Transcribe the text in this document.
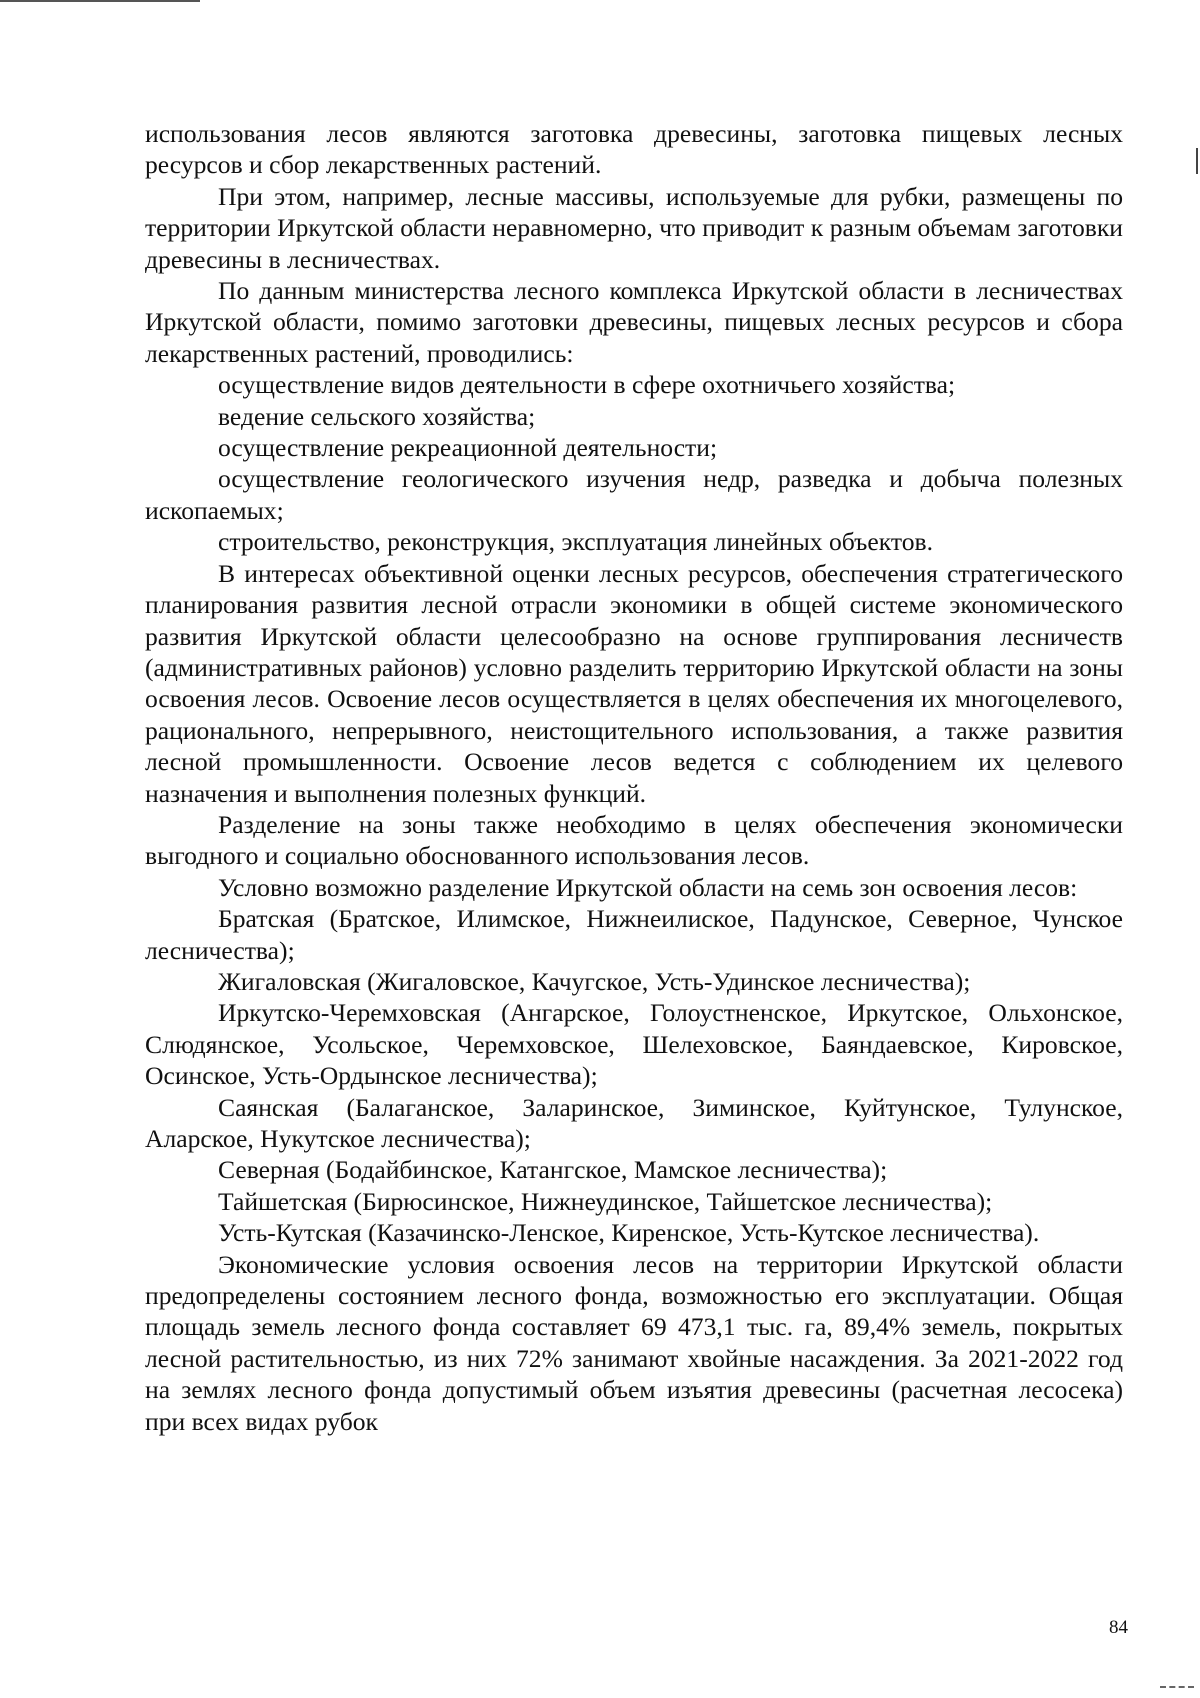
использования лесов являются заготовка древесины, заготовка пищевых лесных ресурсов и сбор лекарственных растений.

При этом, например, лесные массивы, используемые для рубки, размещены по территории Иркутской области неравномерно, что приводит к разным объемам заготовки древесины в лесничествах.

По данным министерства лесного комплекса Иркутской области в лесничествах Иркутской области, помимо заготовки древесины, пищевых лесных ресурсов и сбора лекарственных растений, проводились:

осуществление видов деятельности в сфере охотничьего хозяйства;

ведение сельского хозяйства;

осуществление рекреационной деятельности;

осуществление геологического изучения недр, разведка и добыча полезных ископаемых;

строительство, реконструкция, эксплуатация линейных объектов.

В интересах объективной оценки лесных ресурсов, обеспечения стратегического планирования развития лесной отрасли экономики в общей системе экономического развития Иркутской области целесообразно на основе группирования лесничеств (административных районов) условно разделить территорию Иркутской области на зоны освоения лесов. Освоение лесов осуществляется в целях обеспечения их многоцелевого, рационального, непрерывного, неистощительного использования, а также развития лесной промышленности. Освоение лесов ведется с соблюдением их целевого назначения и выполнения полезных функций.

Разделение на зоны также необходимо в целях обеспечения экономически выгодного и социально обоснованного использования лесов.

Условно возможно разделение Иркутской области на семь зон освоения лесов:

Братская (Братское, Илимское, Нижнеилиское, Падунское, Северное, Чунское лесничества);

Жигаловская (Жигаловское, Качугское, Усть-Удинское лесничества);

Иркутско-Черемховская (Ангарское, Голоустненское, Иркутское, Ольхонское, Слюдянское, Усольское, Черемховское, Шелеховское, Баяндаевское, Кировское, Осинское, Усть-Ордынское лесничества);

Саянская (Балаганское, Заларинское, Зиминское, Куйтунское, Тулунское, Аларское, Нукутское лесничества);

Северная (Бодайбинское, Катангское, Мамское лесничества);

Тайшетская (Бирюсинское, Нижнеудинское, Тайшетское лесничества);

Усть-Кутская (Казачинско-Ленское, Киренское, Усть-Кутское лесничества).

Экономические условия освоения лесов на территории Иркутской области предопределены состоянием лесного фонда, возможностью его эксплуатации. Общая площадь земель лесного фонда составляет 69 473,1 тыс. га, 89,4% земель, покрытых лесной растительностью, из них 72% занимают хвойные насаждения. За 2021-2022 год на землях лесного фонда допустимый объем изъятия древесины (расчетная лесосека) при всех видах рубок

84
